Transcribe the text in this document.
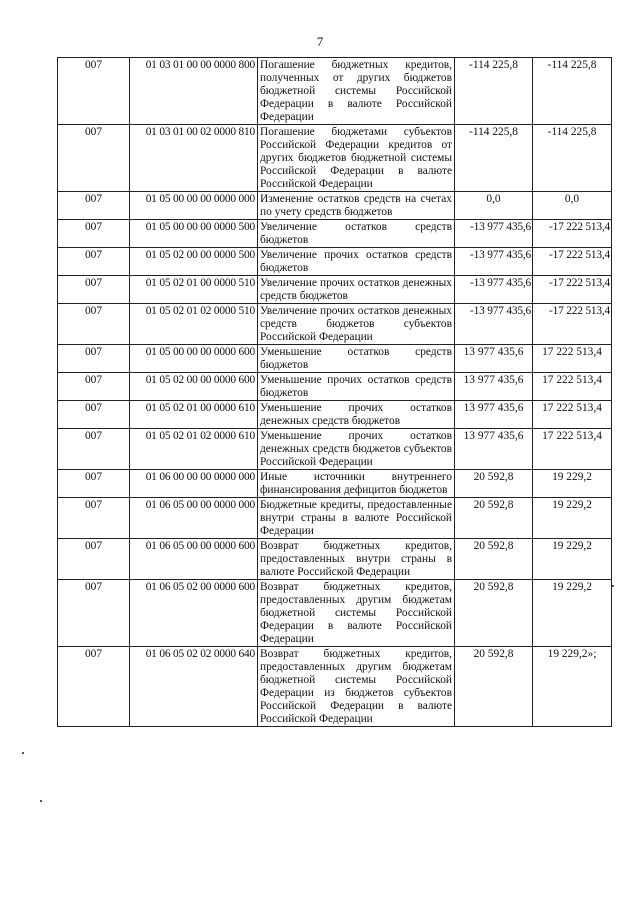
7
007	01 03 01 00 00 0000 800	Погашение бюджетных кредитов, полученных от других бюджетов бюджетной системы Российской Федерации в валюте Российской Федерации	-114 225,8	-114 225,8
007	01 03 01 00 02 0000 810	Погашение бюджетами субъектов Российской Федерации кредитов от других бюджетов бюджетной системы Российской Федерации в валюте Российской Федерации	-114 225,8	-114 225,8
007	01 05 00 00 00 0000 000	Изменение остатков средств на счетах по учету средств бюджетов	0,0	0,0
007	01 05 00 00 00 0000 500	Увеличение остатков средств бюджетов	-13 977 435,6	-17 222 513,4
007	01 05 02 00 00 0000 500	Увеличение прочих остатков средств бюджетов	-13 977 435,6	-17 222 513,4
007	01 05 02 01 00 0000 510	Увеличение прочих остатков денежных средств бюджетов	-13 977 435,6	-17 222 513,4
007	01 05 02 01 02 0000 510	Увеличение прочих остатков денежных средств бюджетов субъектов Российской Федерации	-13 977 435,6	-17 222 513,4
007	01 05 00 00 00 0000 600	Уменьшение остатков средств бюджетов	13 977 435,6	17 222 513,4
007	01 05 02 00 00 0000 600	Уменьшение прочих остатков средств бюджетов	13 977 435,6	17 222 513,4
007	01 05 02 01 00 0000 610	Уменьшение прочих остатков денежных средств бюджетов	13 977 435,6	17 222 513,4
007	01 05 02 01 02 0000 610	Уменьшение прочих остатков денежных средств бюджетов субъектов Российской Федерации	13 977 435,6	17 222 513,4
007	01 06 00 00 00 0000 000	Иные источники внутреннего финансирования дефицитов бюджетов	20 592,8	19 229,2
007	01 06 05 00 00 0000 000	Бюджетные кредиты, предоставленные внутри страны в валюте Российской Федерации	20 592,8	19 229,2
007	01 06 05 00 00 0000 600	Возврат бюджетных кредитов, предоставленных внутри страны в валюте Российской Федерации	20 592,8	19 229,2
007	01 06 05 02 00 0000 600	Возврат бюджетных кредитов, предоставленных другим бюджетам бюджетной системы Российской Федерации в валюте Российской Федерации	20 592,8	19 229,2
007	01 06 05 02 02 0000 640	Возврат бюджетных кредитов, предоставленных другим бюджетам бюджетной системы Российской Федерации из бюджетов субъектов Российской Федерации в валюте Российской Федерации	20 592,8	19 229,2»;
